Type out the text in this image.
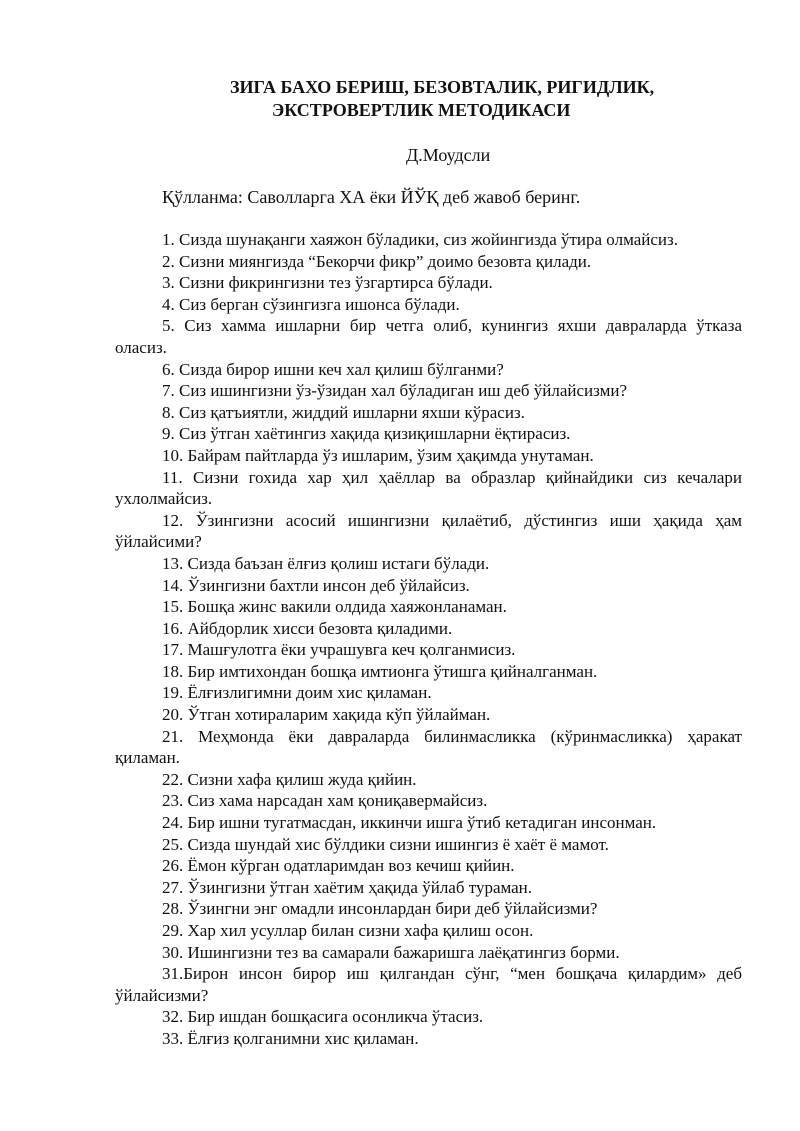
ЗИГА БАХО БЕРИШ, БЕЗОВТАЛИК, РИГИДЛИК,
ЭКСТРОВЕРТЛИК МЕТОДИКАСИ
Д.Моудсли
Қўлланма: Саволларга ХА ёки ЙЎҚ деб жавоб беринг.
1. Сизда шунақанги хаяжон бўладики, сиз жойингизда ўтира олмайсиз.
2. Сизни миянгизда “Бекорчи фикр” доимо безовта қилади.
3. Сизни фикрингизни тез ўзгартирса бўлади.
4. Сиз берган сўзингизга ишонса бўлади.
5. Сиз хамма ишларни бир четга олиб, кунингиз яхши давраларда ўтказа оласиз.
6. Сизда бирор ишни кеч хал қилиш бўлганми?
7. Сиз ишингизни ўз-ўзидан хал бўладиган иш деб ўйлайсизми?
8. Сиз қатъиятли, жиддий ишларни яхши кўрасиз.
9. Сиз ўтган хаётингиз хақида қизиқишларни ёқтирасиз.
10. Байрам пайтларда ўз ишларим, ўзим ҳақимда унутаман.
11. Сизни гохида хар ҳил ҳаёллар ва образлар қийнайдики сиз кечалари ухлолмайсиз.
12. Ўзингизни асосий ишингизни қилаётиб, дўстингиз иши ҳақида ҳам ўйлайсими?
13. Сизда баъзан ёлғиз қолиш истаги бўлади.
14. Ўзингизни бахтли инсон деб ўйлайсиз.
15. Бошқа жинс вакили олдида хаяжонланаман.
16. Айбдорлик хисси безовта қиладими.
17. Машғулотга ёки учрашувга кеч қолганмисиз.
18. Бир имтихондан бошқа имтионга ўтишга қийналганман.
19. Ёлғизлигимни доим хис қиламан.
20. Ўтган хотираларим хақида кўп ўйлайман.
21. Меҳмонда ёки давраларда билинмасликка (кўринмасликка) ҳаракат қиламан.
22. Сизни хафа қилиш жуда қийин.
23. Сиз хама нарсадан хам қониқавермайсиз.
24. Бир ишни тугатмасдан, иккинчи ишга ўтиб кетадиган инсонман.
25. Сизда шундай хис бўлдики сизни ишингиз ё хаёт ё мамот.
26. Ёмон кўрган одатларимдан воз кечиш қийин.
27. Ўзингизни ўтган хаётим ҳақида ўйлаб тураман.
28. Ўзингни энг омадли инсонлардан бири деб ўйлайсизми?
29. Хар хил усуллар билан сизни хафа қилиш осон.
30. Ишингизни тез ва самарали бажаришга лаёқатингиз борми.
31.Бирон инсон бирор иш қилгандан сўнг, “мен бошқача қилардим» деб ўйлайсизми?
32. Бир ишдан бошқасига осонликча ўтасиз.
33. Ёлғиз қолганимни хис қиламан.
